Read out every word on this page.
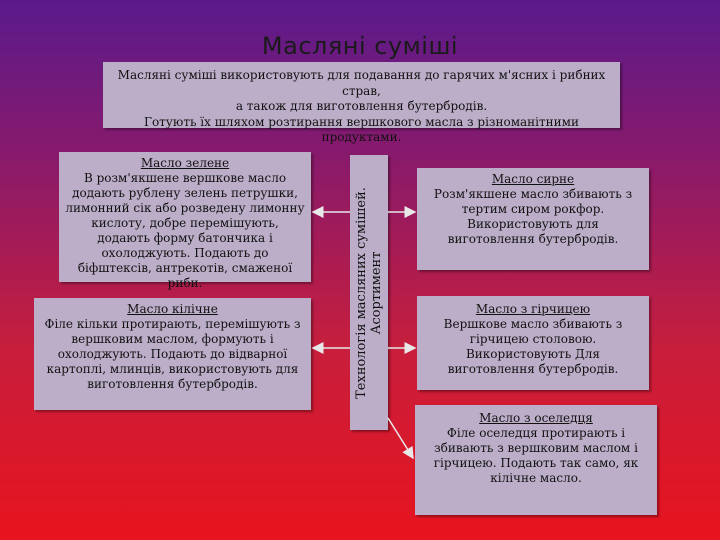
Масляні суміші
Масляні суміші використовують для подавання до гарячих м'ясних і рибних страв,
а також для виготовлення бутербродів.
Готують їх шляхом розтирання вершкового масла з різноманітними продуктами.
Технологія масляних сумішей. Асортимент
Масло зелене
В розм'якшене вершкове масло додають рублену зелень петрушки, лимонний сік або розведену лимонну кислоту, добре перемішують, додають форму батончика і охолоджують. Подають до біфштексів, антрекотів, смаженої риби.
Масло кілічне
Філе кільки протирають, перемішують з вершковим маслом, формують і охолоджують. Подають до відварної картоплі, млинців, використовують для виготовлення бутербродів.
Масло сирне
Розм'якшене масло збивають з тертим сиром рокфор. Використовують для виготовлення бутербродів.
Масло з гірчицею
Вершкове масло збивають з гірчицею столовою. Використовують Для виготовлення бутербродів.
Масло з оселедця
Філе оселедця протирають і збивають з вершковим маслом і гірчицею. Подають так само, як кілічне масло.
